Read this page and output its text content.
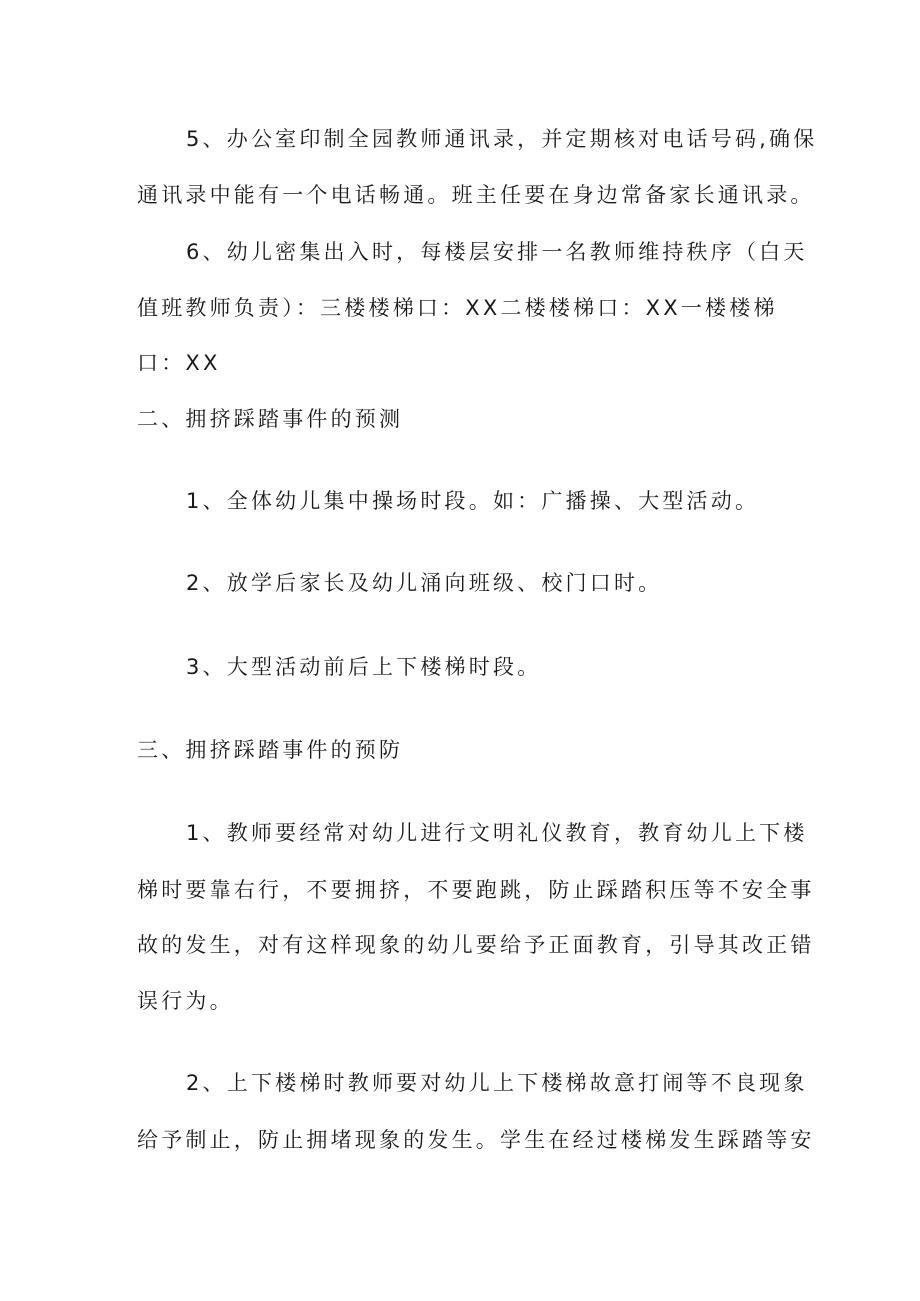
5、办公室印制全园教师通讯录，并定期核对电话号码,确保
通讯录中能有一个电话畅通。班主任要在身边常备家长通讯录。
6、幼儿密集出入时，每楼层安排一名教师维持秩序（白天
值班教师负责）：三楼楼梯口：XX二楼楼梯口：XX一楼楼梯
口：XX
二、拥挤踩踏事件的预测
1、全体幼儿集中操场时段。如：广播操、大型活动。
2、放学后家长及幼儿涌向班级、校门口时。
3、大型活动前后上下楼梯时段。
三、拥挤踩踏事件的预防
1、教师要经常对幼儿进行文明礼仪教育，教育幼儿上下楼
梯时要靠右行，不要拥挤，不要跑跳，防止踩踏积压等不安全事
故的发生，对有这样现象的幼儿要给予正面教育，引导其改正错
误行为。
2、上下楼梯时教师要对幼儿上下楼梯故意打闹等不良现象
给予制止，防止拥堵现象的发生。学生在经过楼梯发生踩踏等安
